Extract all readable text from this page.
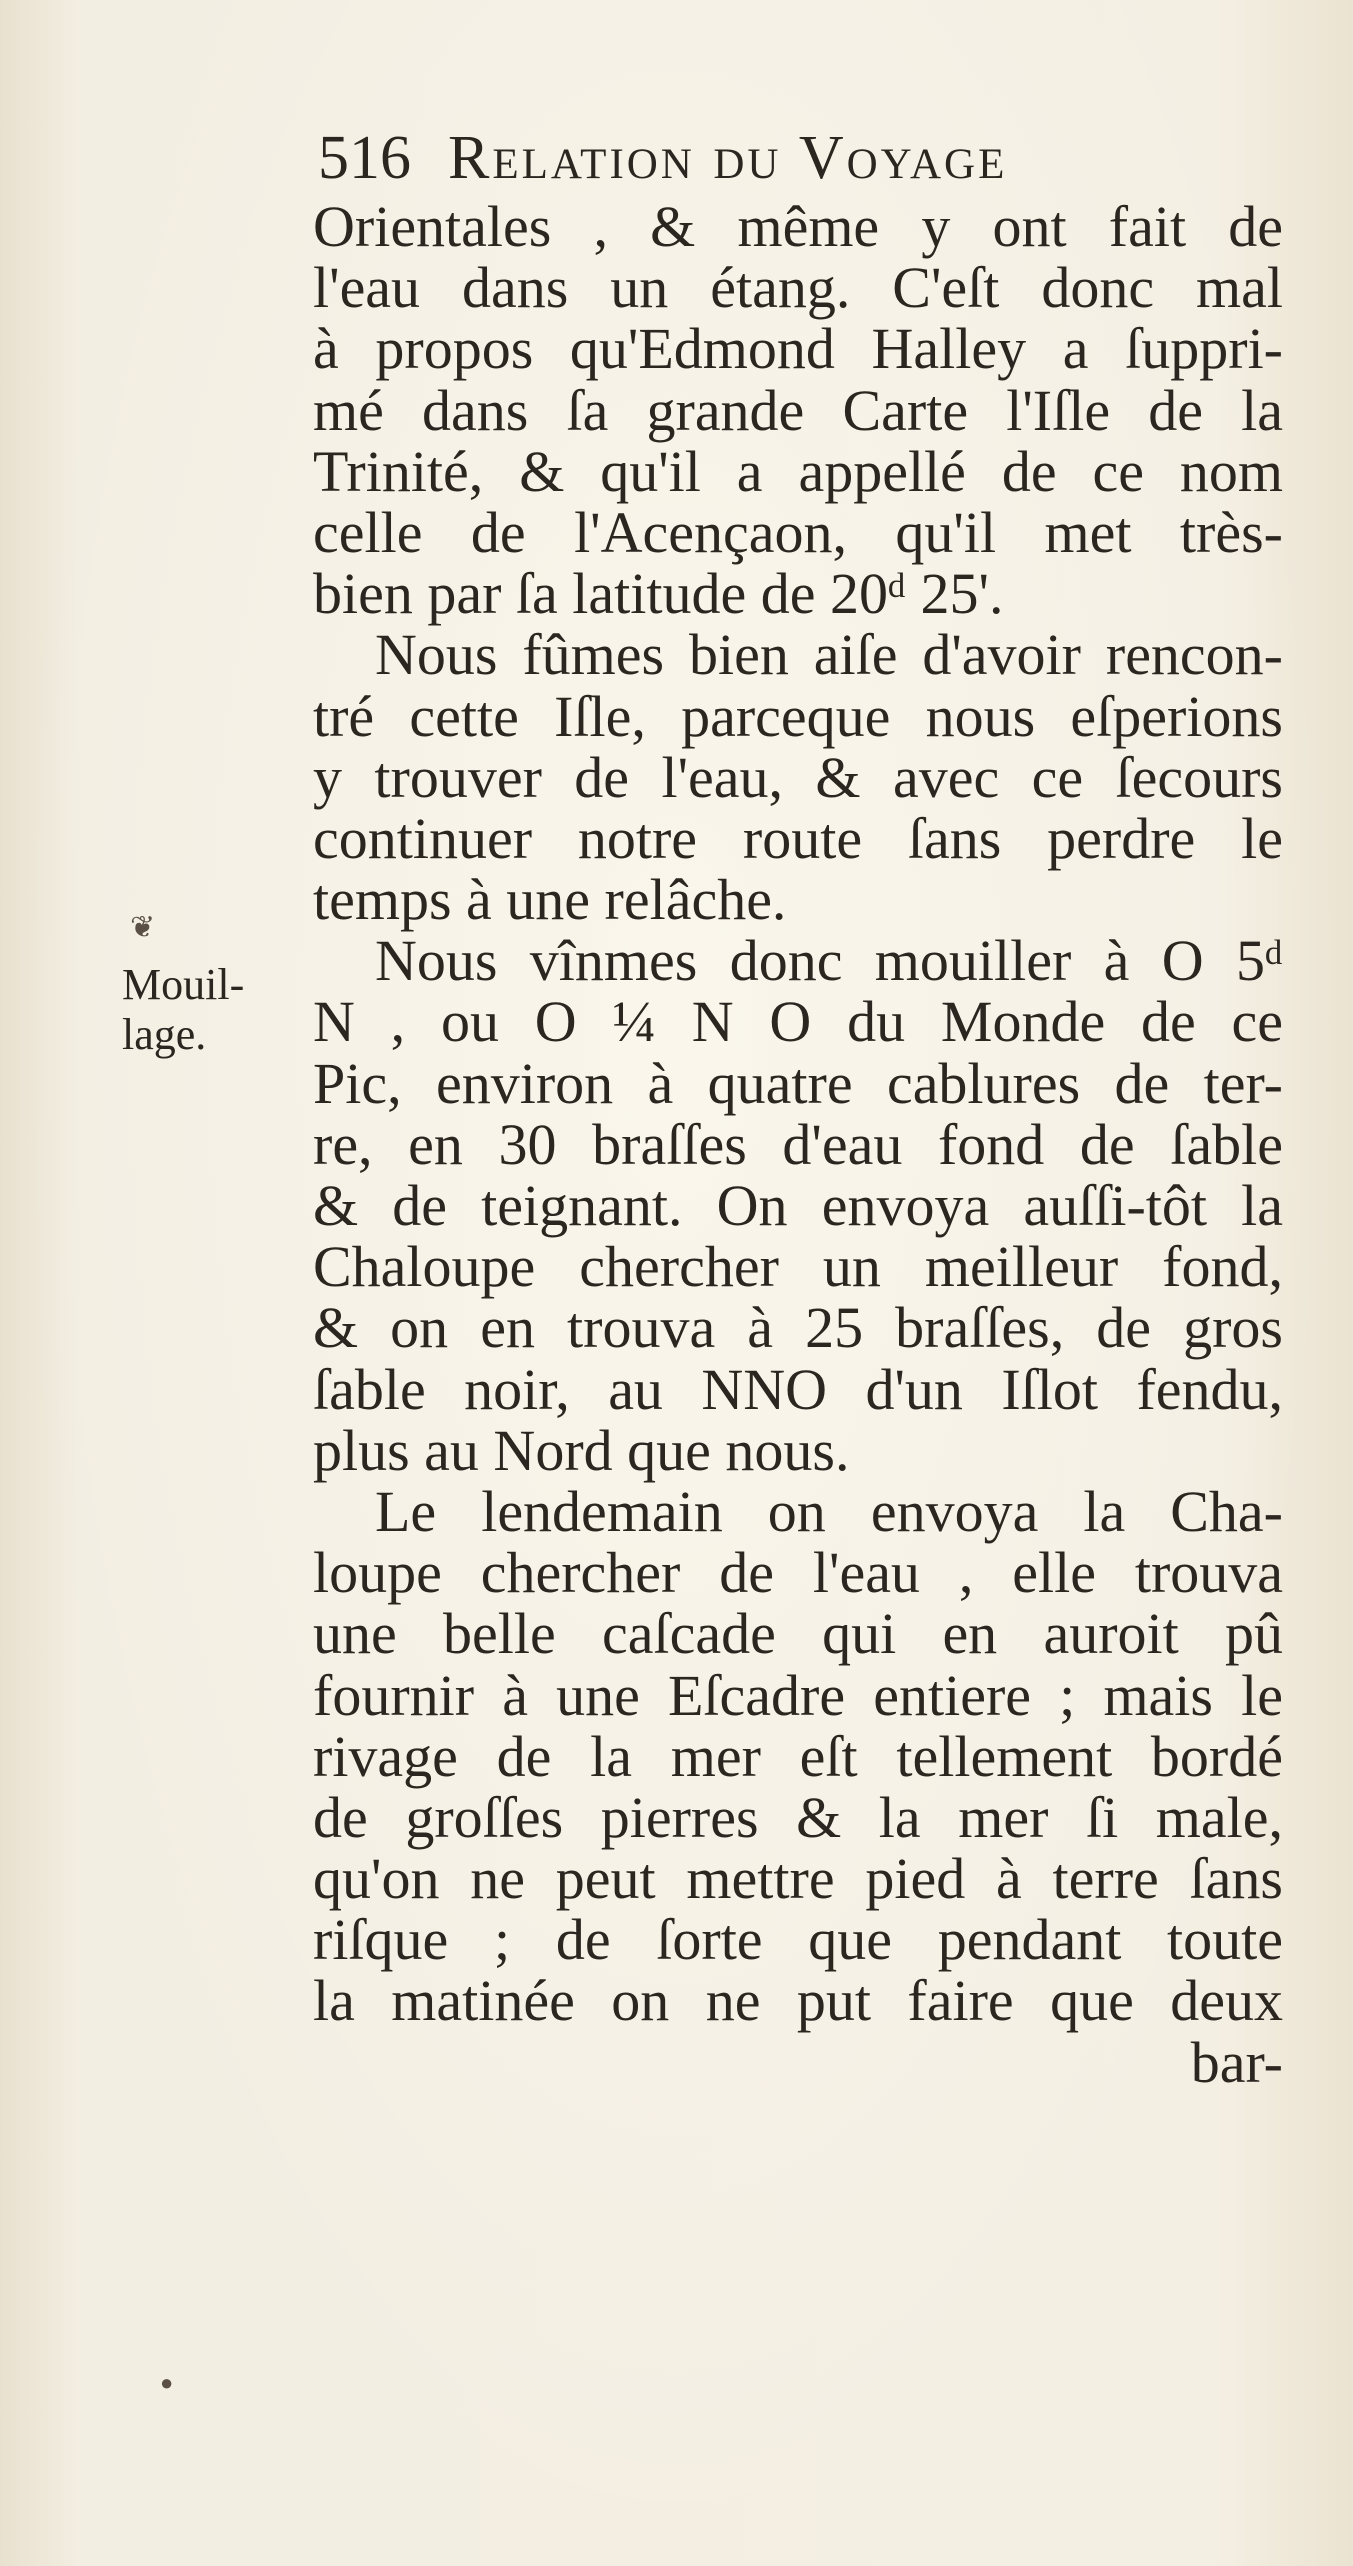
516 Relation du Voyage
Mouil-
lage.
❦
●
Orientales , & même y ont fait de
l'eau dans un étang. C'eſt donc mal
à propos qu'Edmond Halley a ſuppri-
mé dans ſa grande Carte l'Iſle de la
Trinité, & qu'il a appellé de ce nom
celle de l'Acençaon, qu'il met très-
bien par ſa latitude de 20ᵈ 25'.
Nous fûmes bien aiſe d'avoir rencon-
tré cette Iſle, parceque nous eſperions
y trouver de l'eau, & avec ce ſecours
continuer notre route ſans perdre le
temps à une relâche.
Nous vînmes donc mouiller à O 5ᵈ
N , ou O ¼ N O du Monde de ce
Pic, environ à quatre cablures de ter-
re, en 30 braſſes d'eau fond de ſable
& de teignant. On envoya auſſi-tôt la
Chaloupe chercher un meilleur fond,
& on en trouva à 25 braſſes, de gros
ſable noir, au NNO d'un Iſlot fendu,
plus au Nord que nous.
Le lendemain on envoya la Cha-
loupe chercher de l'eau , elle trouva
une belle caſcade qui en auroit pû
fournir à une Eſcadre entiere ; mais le
rivage de la mer eſt tellement bordé
de groſſes pierres & la mer ſi male,
qu'on ne peut mettre pied à terre ſans
riſque ; de ſorte que pendant toute
la matinée on ne put faire que deux
bar-
